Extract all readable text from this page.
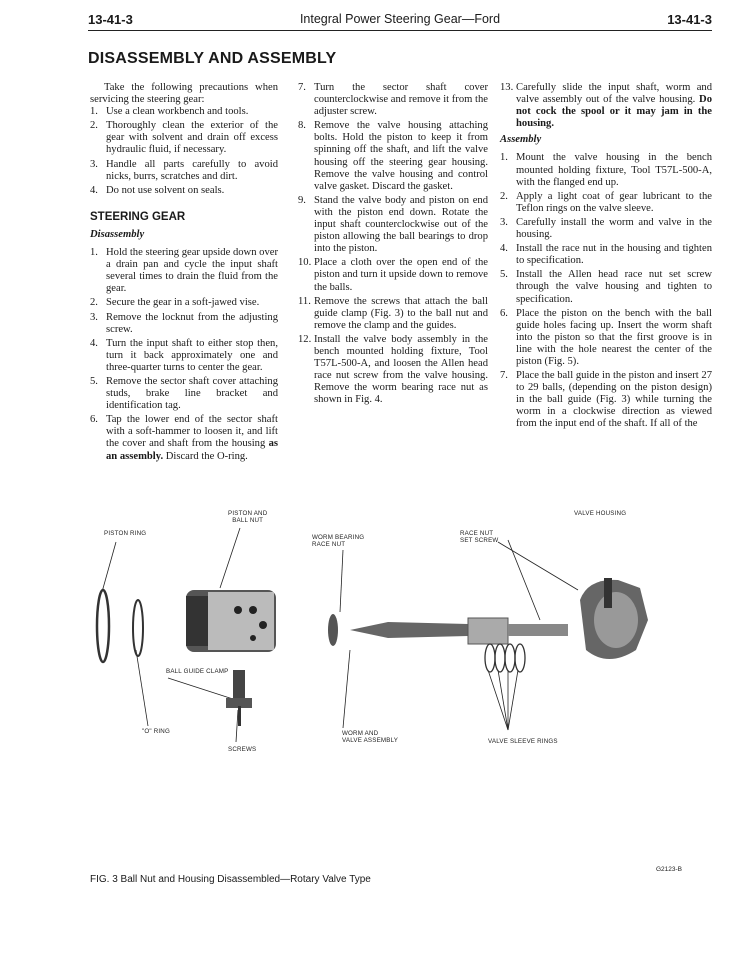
13-41-3	Integral Power Steering Gear—Ford	13-41-3
DISASSEMBLY AND ASSEMBLY

Take the following precautions when servicing the steering gear:

1. Use a clean workbench and tools.
2. Thoroughly clean the exterior of the gear with solvent and drain off excess hydraulic fluid, if necessary.
3. Handle all parts carefully to avoid nicks, burrs, scratches and dirt.
4. Do not use solvent on seals.
STEERING GEAR
Disassembly
1. Hold the steering gear upside down over a drain pan and cycle the input shaft several times to drain the fluid from the gear.
2. Secure the gear in a soft-jawed vise.
3. Remove the locknut from the adjusting screw.
4. Turn the input shaft to either stop then, turn it back approximately one and three-quarter turns to center the gear.
5. Remove the sector shaft cover attaching studs, brake line bracket and identification tag.
6. Tap the lower end of the sector shaft with a soft-hammer to loosen it, and lift the cover and shaft from the housing as an assembly. Discard the O-ring.
7. Turn the sector shaft cover counterclockwise and remove it from the adjuster screw.
8. Remove the valve housing attaching bolts. Hold the piston to keep it from spinning off the shaft, and lift the valve housing off the steering gear housing. Remove the valve housing and control valve gasket. Discard the gasket.
9. Stand the valve body and piston on end with the piston end down. Rotate the input shaft counterclockwise out of the piston allowing the ball bearings to drop into the piston.
10. Place a cloth over the open end of the piston and turn it upside down to remove the balls.
11. Remove the screws that attach the ball guide clamp (Fig. 3) to the ball nut and remove the clamp and the guides.
12. Install the valve body assembly in the bench mounted holding fixture, Tool T57L-500-A, and loosen the Allen head race nut screw from the valve housing. Remove the worm bearing race nut as shown in Fig. 4.
13. Carefully slide the input shaft, worm and valve assembly out of the valve housing. Do not cock the spool or it may jam in the housing.
Assembly
1. Mount the valve housing in the bench mounted holding fixture, Tool T57L-500-A, with the flanged end up.
2. Apply a light coat of gear lubricant to the Teflon rings on the valve sleeve.
3. Carefully install the worm and valve in the housing.
4. Install the race nut in the housing and tighten to specification.
5. Install the Allen head race nut set screw through the valve housing and tighten to specification.
6. Place the piston on the bench with the ball guide holes facing up. Insert the worm shaft into the piston so that the first groove is in line with the hole nearest the center of the piston (Fig. 5).
7. Place the ball guide in the piston and insert 27 to 29 balls, (depending on the piston design) in the ball guide (Fig. 3) while turning the worm in a clockwise direction as viewed from the input end of the shaft. If all of the
PISTON AND
BALL NUT
PISTON RING
WORM BEARING
RACE NUT
RACE NUT
SET SCREW
VALVE HOUSING
BALL GUIDE CLAMP
"O" RING
SCREWS
WORM AND
VALVE ASSEMBLY	VALVE SLEEVE RINGS
G2123-B
FIG. 3 Ball Nut and Housing Disassembled—Rotary Valve Type
